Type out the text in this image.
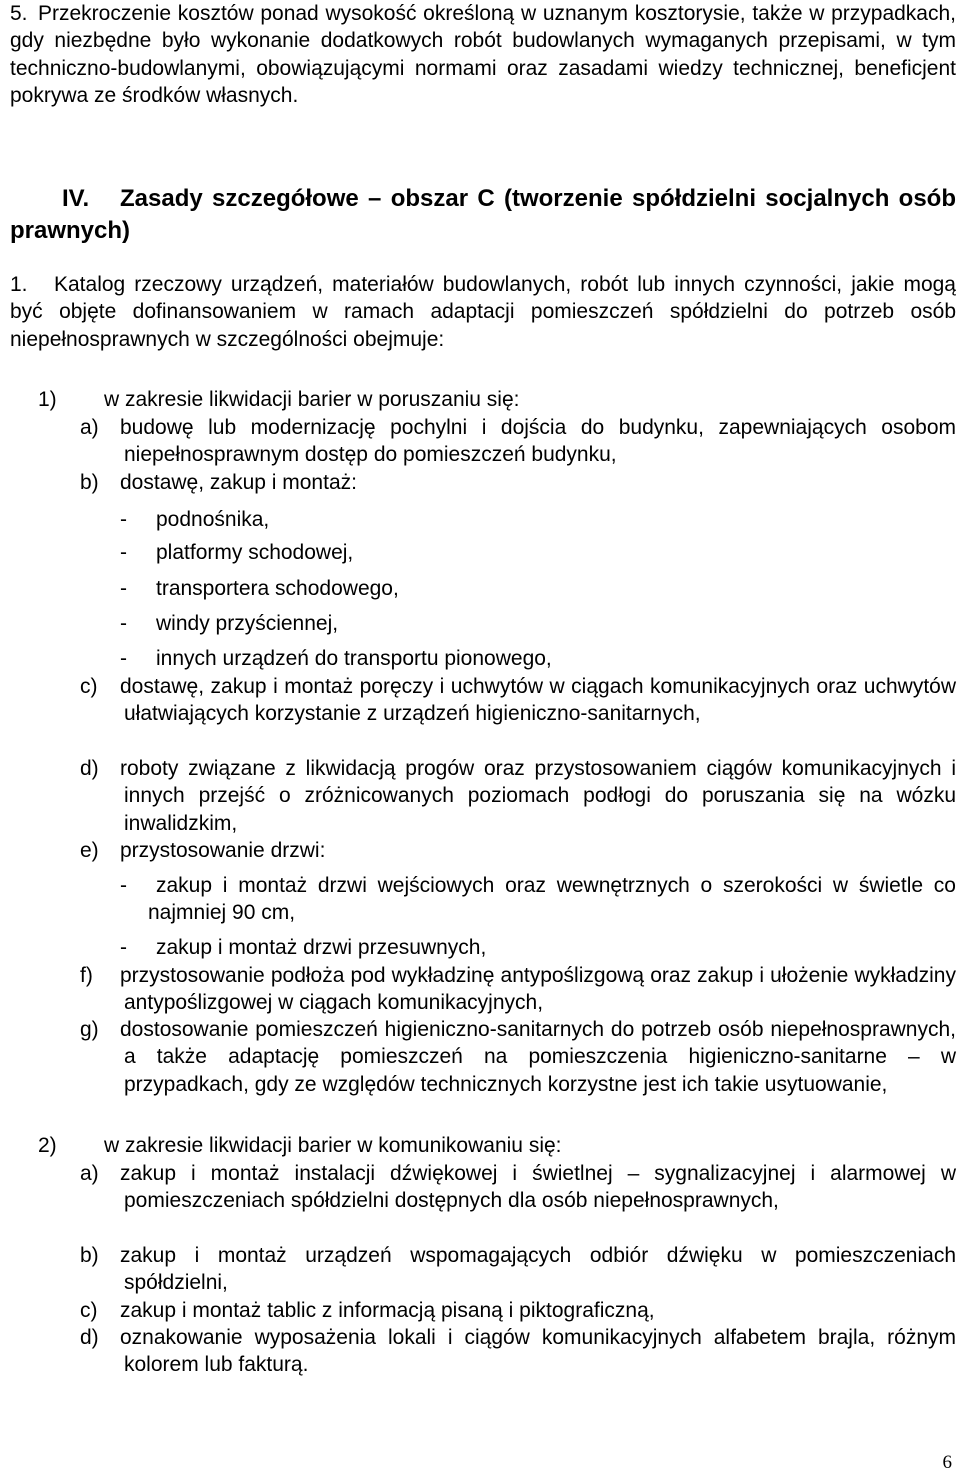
5. Przekroczenie kosztów ponad wysokość określoną w uznanym kosztorysie, także w przypadkach, gdy niezbędne było wykonanie dodatkowych robót budowlanych wymaganych przepisami, w tym techniczno-budowlanymi, obowiązującymi normami oraz zasadami wiedzy technicznej, beneficjent pokrywa ze środków własnych.
IV.	Zasady szczegółowe – obszar C (tworzenie spółdzielni socjalnych osób prawnych)
1.	Katalog rzeczowy urządzeń, materiałów budowlanych, robót lub innych czynności, jakie mogą być objęte dofinansowaniem w ramach adaptacji pomieszczeń spółdzielni do potrzeb osób niepełnosprawnych w szczególności obejmuje:
1) w zakresie likwidacji barier w poruszaniu się:
a) budowę lub modernizację pochylni i dojścia do budynku, zapewniających osobom niepełnosprawnym dostęp do pomieszczeń budynku,
b) dostawę, zakup i montaż:
- podnośnika,
- platformy schodowej,
- transportera schodowego,
- windy przyściennej,
- innych urządzeń do transportu pionowego,
c) dostawę, zakup i montaż poręczy i uchwytów w ciągach komunikacyjnych oraz uchwytów ułatwiających korzystanie z urządzeń higieniczno-sanitarnych,
d) roboty związane z likwidacją progów oraz przystosowaniem ciągów komunikacyjnych i innych przejść o zróżnicowanych poziomach podłogi do poruszania się na wózku inwalidzkim,
e) przystosowanie drzwi:
-	zakup i montaż drzwi wejściowych oraz wewnętrznych o szerokości w świetle co najmniej 90 cm,
- zakup i montaż drzwi przesuwnych,
f) przystosowanie podłoża pod wykładzinę antypoślizgową oraz zakup i ułożenie wykładziny antypoślizgowej w ciągach komunikacyjnych,
g) dostosowanie pomieszczeń higieniczno-sanitarnych do potrzeb osób niepełnosprawnych, a także adaptację pomieszczeń na pomieszczenia higieniczno-sanitarne – w przypadkach, gdy ze względów technicznych korzystne jest ich takie usytuowanie,
2) w zakresie likwidacji barier w komunikowaniu się:
a) zakup i montaż instalacji dźwiękowej i świetlnej – sygnalizacyjnej i alarmowej w pomieszczeniach spółdzielni dostępnych dla osób niepełnosprawnych,
b) zakup i montaż urządzeń wspomagających odbiór dźwięku w pomieszczeniach spółdzielni,
c) zakup i montaż tablic z informacją pisaną i piktograficzną,
d) oznakowanie wyposażenia lokali i ciągów komunikacyjnych alfabetem brajla, różnym kolorem lub fakturą.
6
